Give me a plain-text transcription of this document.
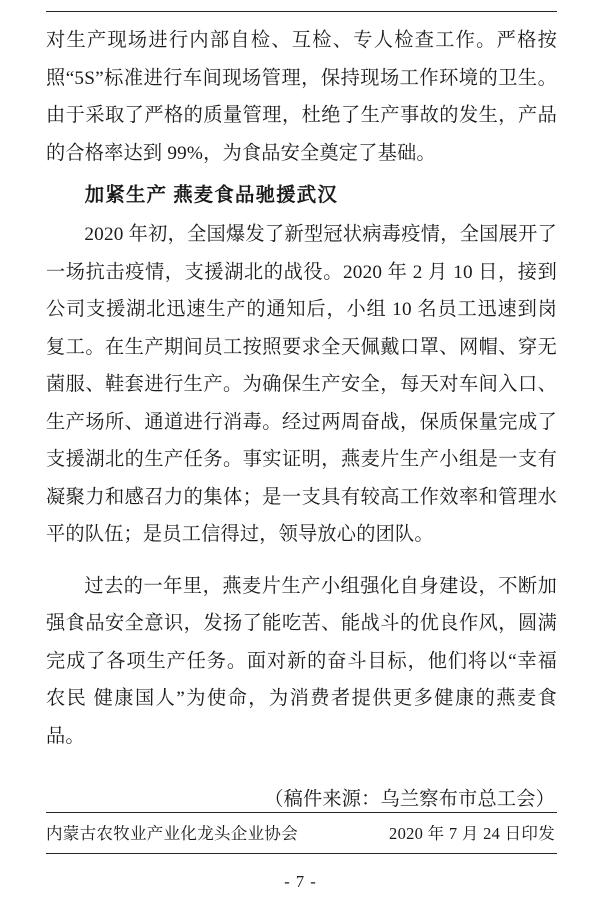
对生产现场进行内部自检、互检、专人检查工作。严格按照“5S”标准进行车间现场管理，保持现场工作环境的卫生。由于采取了严格的质量管理，杜绝了生产事故的发生，产品的合格率达到 99%，为食品安全奠定了基础。

加紧生产 燕麦食品驰援武汉

2020 年初，全国爆发了新型冠状病毒疫情，全国展开了一场抗击疫情，支援湖北的战役。2020 年 2 月 10 日，接到公司支援湖北迅速生产的通知后，小组 10 名员工迅速到岗复工。在生产期间员工按照要求全天佩戴口罩、网帽、穿无菌服、鞋套进行生产。为确保生产安全，每天对车间入口、生产场所、通道进行消毒。经过两周奋战，保质保量完成了支援湖北的生产任务。事实证明，燕麦片生产小组是一支有凝聚力和感召力的集体；是一支具有较高工作效率和管理水平的队伍；是员工信得过，领导放心的团队。

过去的一年里，燕麦片生产小组强化自身建设，不断加强食品安全意识，发扬了能吃苦、能战斗的优良作风，圆满完成了各项生产任务。面对新的奋斗目标，他们将以“幸福农民 健康国人”为使命，为消费者提供更多健康的燕麦食品。

（稿件来源：乌兰察布市总工会）

内蒙古农牧业产业化龙头企业协会	2020 年 7 月 24 日印发
- 7 -
